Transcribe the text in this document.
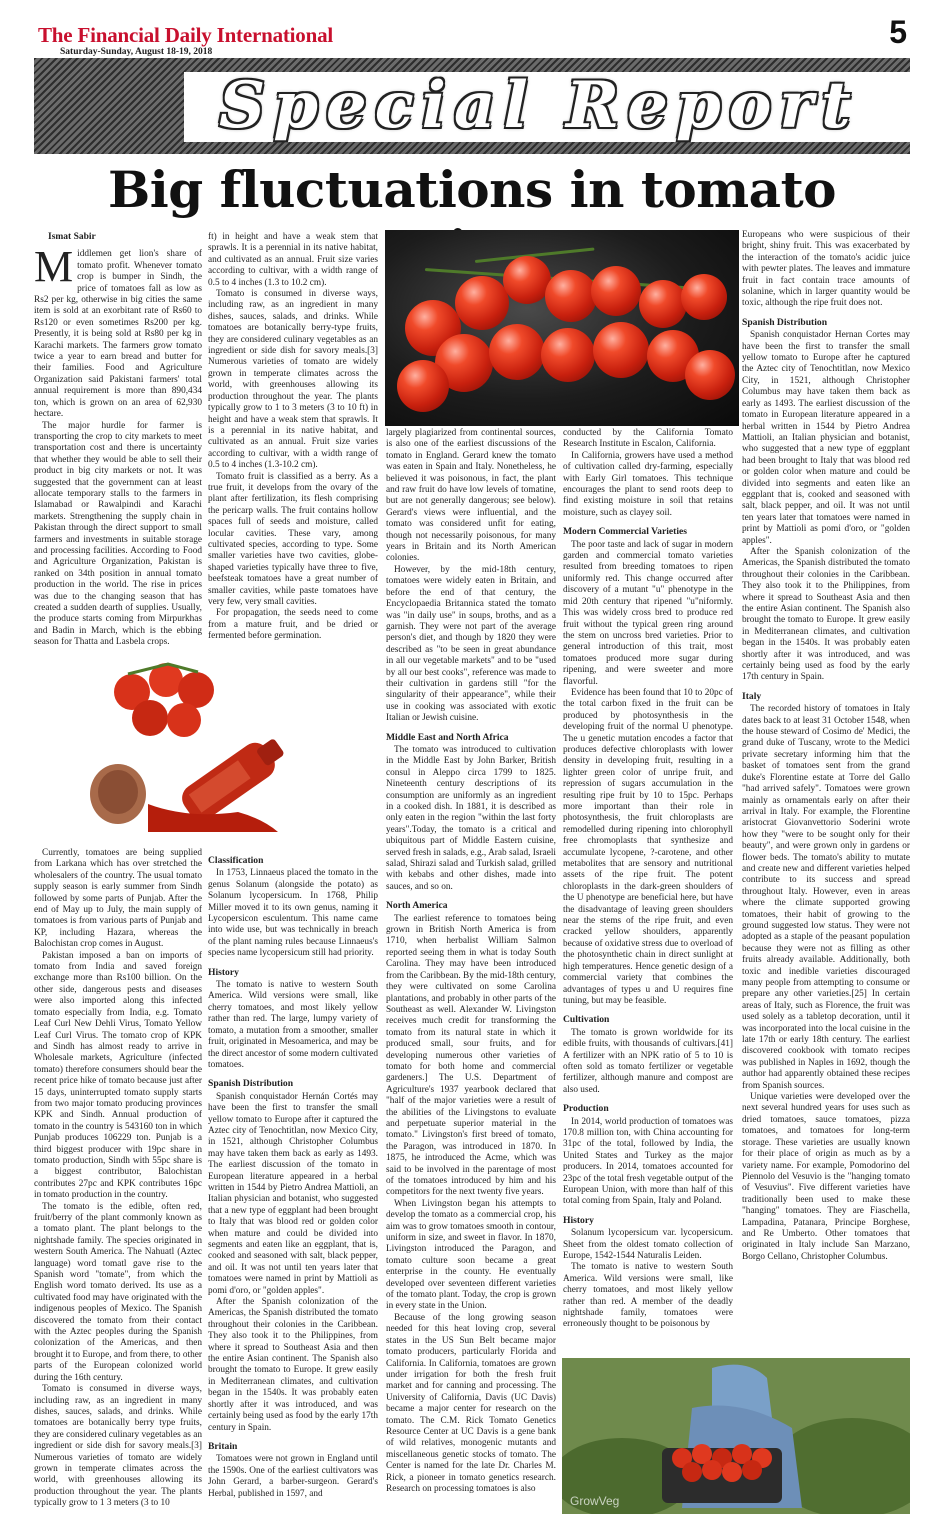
The Financial Daily International
Saturday-Sunday, August 18-19, 2018
5
Special Report
Big fluctuations in tomato
Ismat Sabir

Middlemen get lion's share of tomato profit. Whenever tomato crop is bumper in Sindh, the price of tomatoes fall as low as Rs2 per kg, otherwise in big cities the same item is sold at an exorbitant rate of Rs60 to Rs120 or even sometimes Rs200 per kg. Presently, it is being sold at Rs80 per kg in Karachi markets. The farmers grow tomato twice a year to earn bread and butter for their families. Food and Agriculture Organization said Pakistani farmers' total annual requirement is more than 890,434 ton, which is grown on an area of 62,930 hectare.

The major hurdle for farmer is transporting the crop to city markets to meet transportation cost and there is uncertainty that whether they would be able to sell their product in big city markets or not. It was suggested that the government can at least allocate temporary stalls to the farmers in Islamabad or Rawalpindi and Karachi markets. Strengthening the supply chain in Pakistan through the direct support to small farmers and investments in suitable storage and processing facilities. According to Food and Agriculture Organization, Pakistan is ranked on 34th position in annual tomato production in the world. The rise in prices was due to the changing season that has created a sudden dearth of supplies. Usually, the produce starts coming from Mirpurkhas and Badin in March, which is the ebbing season for Thatta and Lasbela crops.

Currently, tomatoes are being supplied from Larkana which has over stretched the wholesalers of the country. The usual tomato supply season is early summer from Sindh followed by some parts of Punjab. After the end of May up to July, the main supply of tomatoes is from various parts of Punjab and KP, including Hazara, whereas the Balochistan crop comes in August.

Pakistan imposed a ban on imports of tomato from India and saved foreign exchange more than Rs100 billion. On the other side, dangerous pests and diseases were also imported along this infected tomato especially from India, e.g. Tomato Leaf Curl New Dehli Virus, Tomato Yellow Leaf Curl Virus. The tomato crop of KPK and Sindh has almost ready to arrive in Wholesale markets, Agriculture (infected tomato) therefore consumers should bear the recent price hike of tomato because just after 15 days, uninterrupted tomato supply starts from two major tomato producing provinces KPK and Sindh. Annual production of tomato in the country is 543160 ton in which Punjab produces 106229 ton. Punjab is a third biggest producer with 19pc share in tomato production, Sindh with 55pc share is a biggest contributor, Balochistan contributes 27pc and KPK contributes 16pc in tomato production in the country.

The tomato is the edible, often red, fruit/berry of the plant commonly known as a tomato plant. The plant belongs to the nightshade family. The species originated in western South America. The Nahuatl (Aztec language) word tomatl gave rise to the Spanish word "tomate", from which the English word tomato derived. Its use as a cultivated food may have originated with the indigenous peoples of Mexico. The Spanish discovered the tomato from their contact with the Aztec peoples during the Spanish colonization of the Americas, and then brought it to Europe, and from there, to other parts of the European colonized world during the 16th century.

Tomato is consumed in diverse ways, including raw, as an ingredient in many dishes, sauces, salads, and drinks. While tomatoes are botanically berry type fruits, they are considered culinary vegetables as an ingredient or side dish for savory meals.[3] Numerous varieties of tomato are widely grown in temperate climates across the world, with greenhouses allowing its production throughout the year. The plants typically grow to 1 3 meters (3 to 10

ft) in height and have a weak stem that sprawls. It is a perennial in its native habitat, and cultivated as an annual. Fruit size varies according to cultivar, with a width range of 0.5 to 4 inches (1.3 to 10.2 cm).

Tomato is consumed in diverse ways, including raw, as an ingredient in many dishes, sauces, salads, and drinks. While tomatoes are botanically berry-type fruits, they are considered culinary vegetables as an ingredient or side dish for savory meals.[3] Numerous varieties of tomato are widely grown in temperate climates across the world, with greenhouses allowing its production throughout the year. The plants typically grow to 1 to 3 meters (3 to 10 ft) in height and have a weak stem that sprawls. It is a perennial in its native habitat, and cultivated as an annual. Fruit size varies according to cultivar, with a width range of 0.5 to 4 inches (1.3-10.2 cm).

Tomato fruit is classified as a berry. As a true fruit, it develops from the ovary of the plant after fertilization, its flesh comprising the pericarp walls. The fruit contains hollow spaces full of seeds and moisture, called locular cavities. These vary, among cultivated species, according to type. Some smaller varieties have two cavities, globe-shaped varieties typically have three to five, beefsteak tomatoes have a great number of smaller cavities, while paste tomatoes have very few, very small cavities.

For propagation, the seeds need to come from a mature fruit, and be dried or fermented before germination.

Classification

In 1753, Linnaeus placed the tomato in the genus Solanum (alongside the potato) as Solanum lycopersicum. In 1768, Philip Miller moved it to its own genus, naming it Lycopersicon esculentum. This name came into wide use, but was technically in breach of the plant naming rules because Linnaeus's species name lycopersicum still had priority.

History

The tomato is native to western South America. Wild versions were small, like cherry tomatoes, and most likely yellow rather than red. The large, lumpy variety of tomato, a mutation from a smoother, smaller fruit, originated in Mesoamerica, and may be the direct ancestor of some modern cultivated tomatoes.

Spanish Distribution

Spanish conquistador Hernán Cortés may have been the first to transfer the small yellow tomato to Europe after it captured the Aztec city of Tenochtitlan, now Mexico City, in 1521, although Christopher Columbus may have taken them back as early as 1493. The earliest discussion of the tomato in European literature appeared in a herbal written in 1544 by Pietro Andrea Mattioli, an Italian physician and botanist, who suggested that a new type of eggplant had been brought to Italy that was blood red or golden color when mature and could be divided into segments and eaten like an eggplant, that is, cooked and seasoned with salt, black pepper, and oil. It was not until ten years later that tomatoes were named in print by Mattioli as pomi d'oro, or "golden apples".

After the Spanish colonization of the Americas, the Spanish distributed the tomato throughout their colonies in the Caribbean. They also took it to the Philippines, from where it spread to Southeast Asia and then the entire Asian continent. The Spanish also brought the tomato to Europe. It grew easily in Mediterranean climates, and cultivation began in the 1540s. It was probably eaten shortly after it was introduced, and was certainly being used as food by the early 17th century in Spain.

Britain

Tomatoes were not grown in England until the 1590s. One of the earliest cultivators was John Gerard, a barber-surgeon. Gerard's Herbal, published in 1597, and

largely plagiarized from continental sources, is also one of the earliest discussions of the tomato in England. Gerard knew the tomato was eaten in Spain and Italy. Nonetheless, he believed it was poisonous, in fact, the plant and raw fruit do have low levels of tomatine, but are not generally dangerous; see below). Gerard's views were influential, and the tomato was considered unfit for eating, though not necessarily poisonous, for many years in Britain and its North American colonies.

However, by the mid-18th century, tomatoes were widely eaten in Britain, and before the end of that century, the Encyclopaedia Britannica stated the tomato was "in daily use" in soups, broths, and as a garnish. They were not part of the average person's diet, and though by 1820 they were described as "to be seen in great abundance in all our vegetable markets" and to be "used by all our best cooks", reference was made to their cultivation in gardens still "for the singularity of their appearance", while their use in cooking was associated with exotic Italian or Jewish cuisine.

Middle East and North Africa

The tomato was introduced to cultivation in the Middle East by John Barker, British consul in Aleppo circa 1799 to 1825. Nineteenth century descriptions of its consumption are uniformly as an ingredient in a cooked dish. In 1881, it is described as only eaten in the region "within the last forty years".Today, the tomato is a critical and ubiquitous part of Middle Eastern cuisine, served fresh in salads, e.g., Arab salad, Israeli salad, Shirazi salad and Turkish salad, grilled with kebabs and other dishes, made into sauces, and so on.

North America

The earliest reference to tomatoes being grown in British North America is from 1710, when herbalist William Salmon reported seeing them in what is today South Carolina. They may have been introduced from the Caribbean. By the mid-18th century, they were cultivated on some Carolina plantations, and probably in other parts of the Southeast as well. Alexander W. Livingston receives much credit for transforming the tomato from its natural state in which it produced small, sour fruits, and for developing numerous other varieties of tomato for both home and commercial gardeners.] The U.S. Department of Agriculture's 1937 yearbook declared that "half of the major varieties were a result of the abilities of the Livingstons to evaluate and perpetuate superior material in the tomato." Livingston's first breed of tomato, the Paragon, was introduced in 1870. In 1875, he introduced the Acme, which was said to be involved in the parentage of most of the tomatoes introduced by him and his competitors for the next twenty five years.

When Livingston began his attempts to develop the tomato as a commercial crop, his aim was to grow tomatoes smooth in contour, uniform in size, and sweet in flavor. In 1870, Livingston introduced the Paragon, and tomato culture soon became a great enterprise in the county. He eventually developed over seventeen different varieties of the tomato plant. Today, the crop is grown in every state in the Union.

Because of the long growing season needed for this heat loving crop, several states in the US Sun Belt became major tomato producers, particularly Florida and California. In California, tomatoes are grown under irrigation for both the fresh fruit market and for canning and processing. The University of California, Davis (UC Davis) became a major center for research on the tomato. The C.M. Rick Tomato Genetics Resource Center at UC Davis is a gene bank of wild relatives, monogenic mutants and miscellaneous genetic stocks of tomato. The Center is named for the late Dr. Charles M. Rick, a pioneer in tomato genetics research. Research on processing tomatoes is also

conducted by the California Tomato Research Institute in Escalon, California.

In California, growers have used a method of cultivation called dry-farming, especially with Early Girl tomatoes. This technique encourages the plant to send roots deep to find existing moisture in soil that retains moisture, such as clayey soil.

Modern Commercial Varieties

The poor taste and lack of sugar in modern garden and commercial tomato varieties resulted from breeding tomatoes to ripen uniformly red. This change occurred after discovery of a mutant "u" phenotype in the mid 20th century that ripened "u"niformly. This was widely cross bred to produce red fruit without the typical green ring around the stem on uncross bred varieties. Prior to general introduction of this trait, most tomatoes produced more sugar during ripening, and were sweeter and more flavorful.

Evidence has been found that 10 to 20pc of the total carbon fixed in the fruit can be produced by photosynthesis in the developing fruit of the normal U phenotype. The u genetic mutation encodes a factor that produces defective chloroplasts with lower density in developing fruit, resulting in a lighter green color of unripe fruit, and repression of sugars accumulation in the resulting ripe fruit by 10 to 15pc. Perhaps more important than their role in photosynthesis, the fruit chloroplasts are remodelled during ripening into chlorophyll free chromoplasts that synthesize and accumulate lycopene, ?-carotene, and other metabolites that are sensory and nutritional assets of the ripe fruit. The potent chloroplasts in the dark-green shoulders of the U phenotype are beneficial here, but have the disadvantage of leaving green shoulders near the stems of the ripe fruit, and even cracked yellow shoulders, apparently because of oxidative stress due to overload of the photosynthetic chain in direct sunlight at high temperatures. Hence genetic design of a commercial variety that combines the advantages of types u and U requires fine tuning, but may be feasible.

Cultivation

The tomato is grown worldwide for its edible fruits, with thousands of cultivars.[41] A fertilizer with an NPK ratio of 5 to 10 is often sold as tomato fertilizer or vegetable fertilizer, although manure and compost are also used.

Production

In 2014, world production of tomatoes was 170.8 million ton, with China accounting for 31pc of the total, followed by India, the United States and Turkey as the major producers. In 2014, tomatoes accounted for 23pc of the total fresh vegetable output of the European Union, with more than half of this total coming from Spain, Italy and Poland.

History

Solanum lycopersicum var. lycopersicum. Sheet from the oldest tomato collection of Europe, 1542-1544 Naturalis Leiden.

The tomato is native to western South America. Wild versions were small, like cherry tomatoes, and most likely yellow rather than red. A member of the deadly nightshade family, tomatoes were erroneously thought to be poisonous by

Europeans who were suspicious of their bright, shiny fruit. This was exacerbated by the interaction of the tomato's acidic juice with pewter plates. The leaves and immature fruit in fact contain trace amounts of solanine, which in larger quantity would be toxic, although the ripe fruit does not.

Spanish Distribution

Spanish conquistador Hernan Cortes may have been the first to transfer the small yellow tomato to Europe after he captured the Aztec city of Tenochtitlan, now Mexico City, in 1521, although Christopher Columbus may have taken them back as early as 1493. The earliest discussion of the tomato in European literature appeared in a herbal written in 1544 by Pietro Andrea Mattioli, an Italian physician and botanist, who suggested that a new type of eggplant had been brought to Italy that was blood red or golden color when mature and could be divided into segments and eaten like an eggplant that is, cooked and seasoned with salt, black pepper, and oil. It was not until ten years later that tomatoes were named in print by Mattioli as pomi d'oro, or "golden apples".

After the Spanish colonization of the Americas, the Spanish distributed the tomato throughout their colonies in the Caribbean. They also took it to the Philippines, from where it spread to Southeast Asia and then the entire Asian continent. The Spanish also brought the tomato to Europe. It grew easily in Mediterranean climates, and cultivation began in the 1540s. It was probably eaten shortly after it was introduced, and was certainly being used as food by the early 17th century in Spain.

Italy

The recorded history of tomatoes in Italy dates back to at least 31 October 1548, when the house steward of Cosimo de' Medici, the grand duke of Tuscany, wrote to the Medici private secretary informing him that the basket of tomatoes sent from the grand duke's Florentine estate at Torre del Gallo "had arrived safely". Tomatoes were grown mainly as ornamentals early on after their arrival in Italy. For example, the Florentine aristocrat Giovanvettorio Soderini wrote how they "were to be sought only for their beauty", and were grown only in gardens or flower beds. The tomato's ability to mutate and create new and different varieties helped contribute to its success and spread throughout Italy. However, even in areas where the climate supported growing tomatoes, their habit of growing to the ground suggested low status. They were not adopted as a staple of the peasant population because they were not as filling as other fruits already available. Additionally, both toxic and inedible varieties discouraged many people from attempting to consume or prepare any other varieties.[25] In certain areas of Italy, such as Florence, the fruit was used solely as a tabletop decoration, until it was incorporated into the local cuisine in the late 17th or early 18th century. The earliest discovered cookbook with tomato recipes was published in Naples in 1692, though the author had apparently obtained these recipes from Spanish sources.

Unique varieties were developed over the next several hundred years for uses such as dried tomatoes, sauce tomatoes, pizza tomatoes, and tomatoes for long-term storage. These varieties are usually known for their place of origin as much as by a variety name. For example, Pomodorino del Piennolo del Vesuvio is the "hanging tomato of Vesuvius". Five different varieties have traditionally been used to make these "hanging" tomatoes. They are Fiaschella, Lampadina, Patanara, Principe Borghese, and Re Umberto. Other tomatoes that originated in Italy include San Marzano, Borgo Cellano, Christopher Columbus.

GrowVeg
